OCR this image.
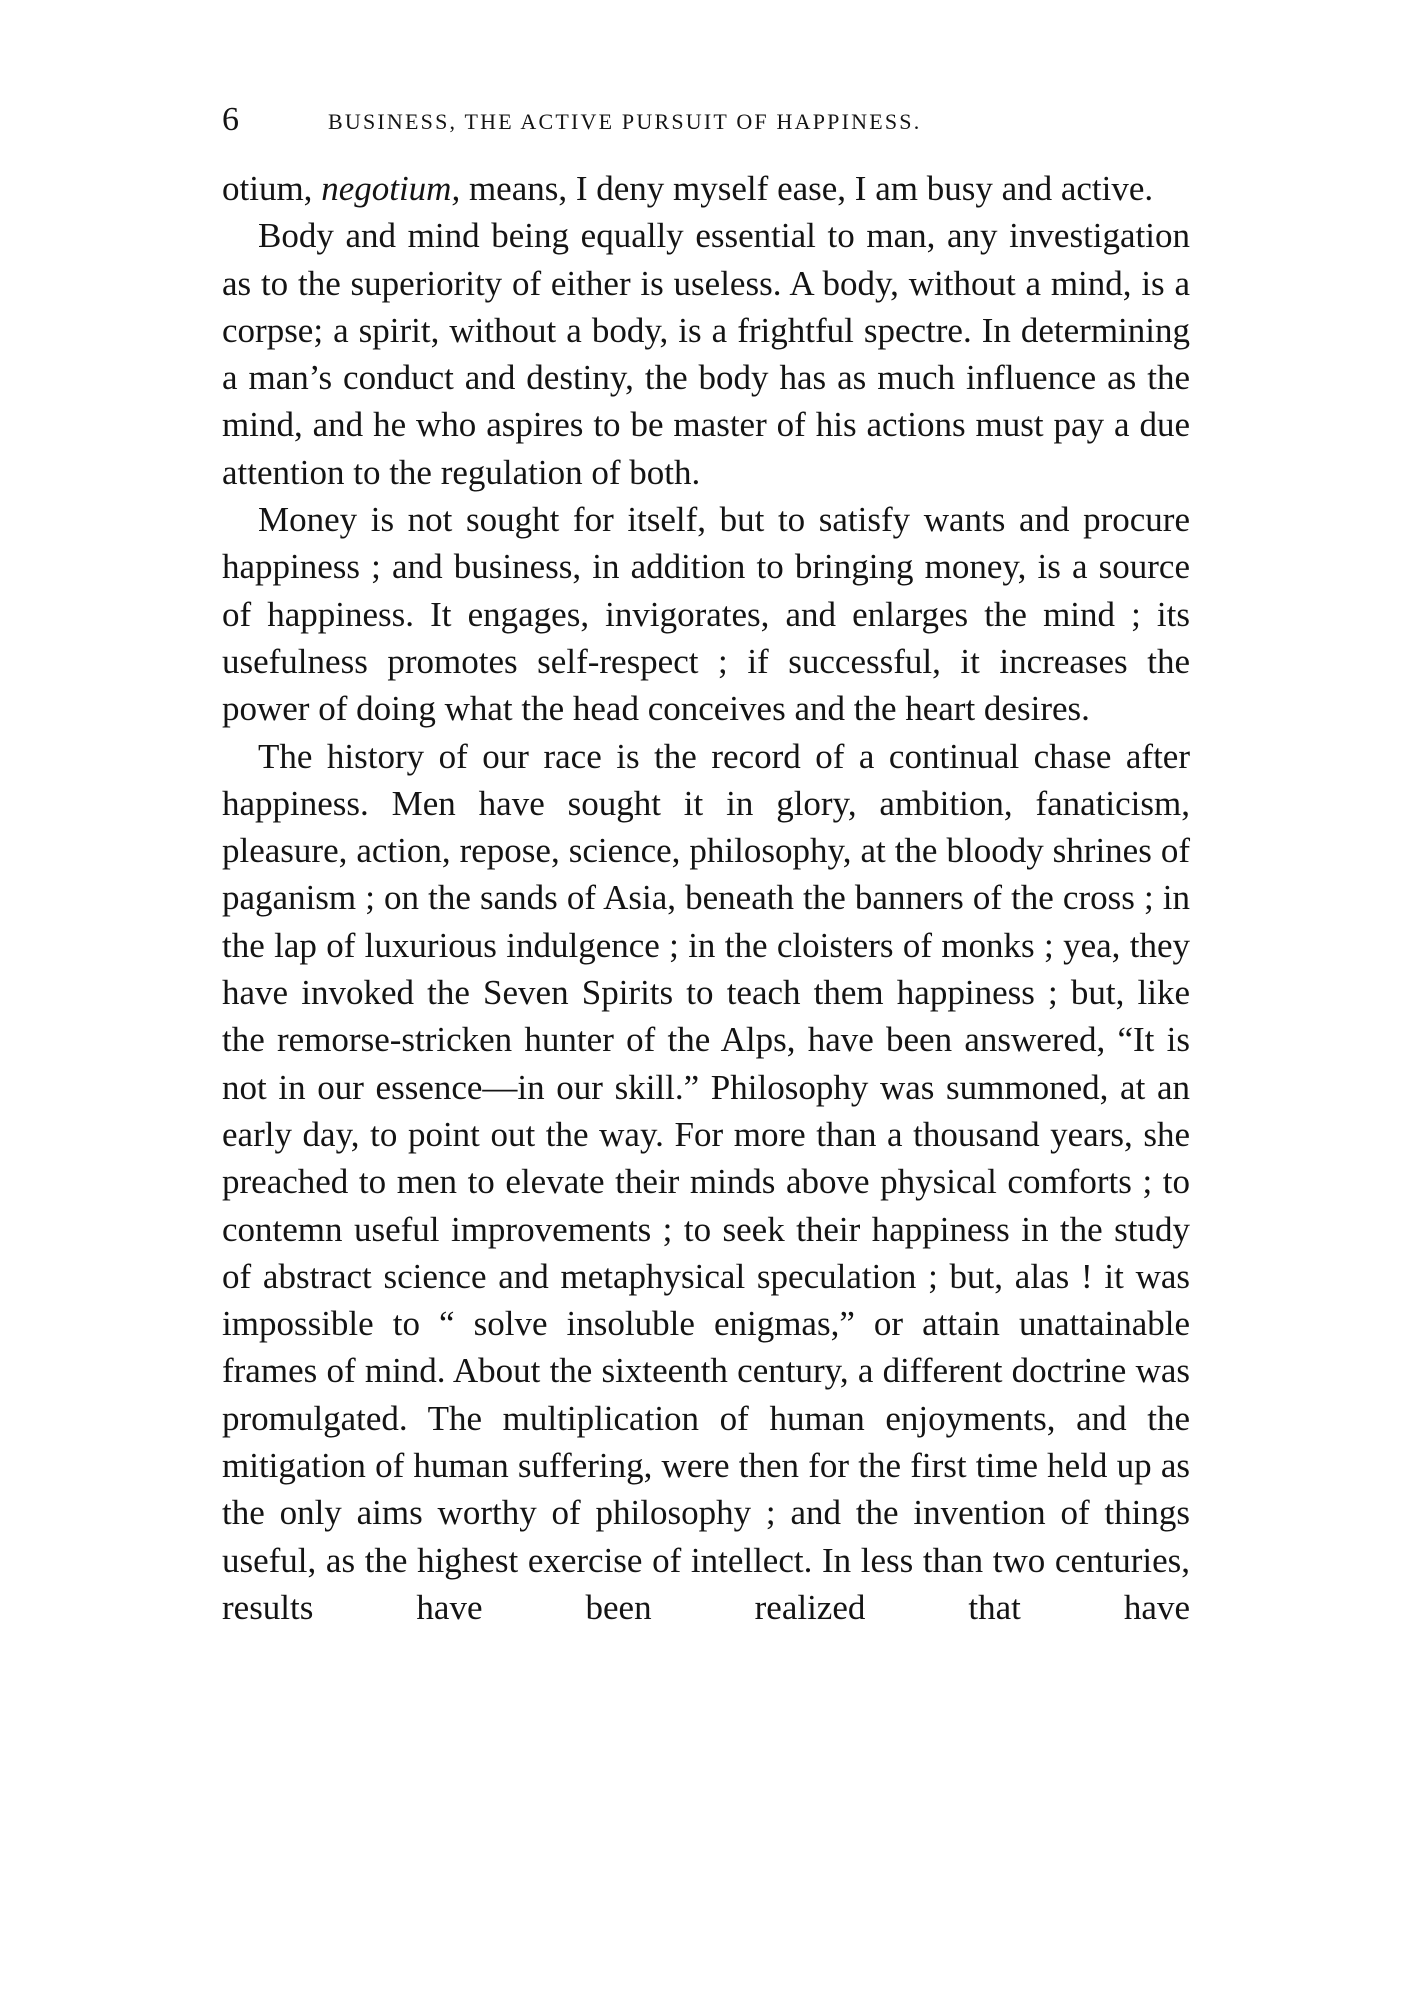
6	BUSINESS, THE ACTIVE PURSUIT OF HAPPINESS.

otium, negotium, means, I deny myself ease, I am busy and active.

Body and mind being equally essential to man, any investigation as to the superiority of either is useless. A body, without a mind, is a corpse; a spirit, without a body, is a frightful spectre. In determining a man’s conduct and destiny, the body has as much influence as the mind, and he who aspires to be master of his actions must pay a due attention to the regulation of both.

Money is not sought for itself, but to satisfy wants and procure happiness ; and business, in addition to bringing money, is a source of happiness. It engages, invigorates, and enlarges the mind ; its usefulness promotes self-respect ; if successful, it increases the power of doing what the head conceives and the heart desires.

The history of our race is the record of a continual chase after happiness. Men have sought it in glory, ambition, fanaticism, pleasure, action, repose, science, philosophy, at the bloody shrines of paganism ; on the sands of Asia, beneath the banners of the cross ; in the lap of luxurious indulgence ; in the cloisters of monks ; yea, they have invoked the Seven Spirits to teach them happiness ; but, like the remorse-stricken hunter of the Alps, have been answered, “It is not in our essence—in our skill.” Philosophy was summoned, at an early day, to point out the way. For more than a thousand years, she preached to men to elevate their minds above physical comforts ; to contemn useful improvements ; to seek their happiness in the study of abstract science and metaphysical speculation ; but, alas ! it was impossible to “ solve insoluble enigmas,” or attain unattainable frames of mind. About the sixteenth century, a different doctrine was promulgated. The multiplication of human enjoyments, and the mitigation of human suffering, were then for the first time held up as the only aims worthy of philosophy ; and the invention of things useful, as the highest exercise of intellect. In less than two centuries, results have been realized that have
